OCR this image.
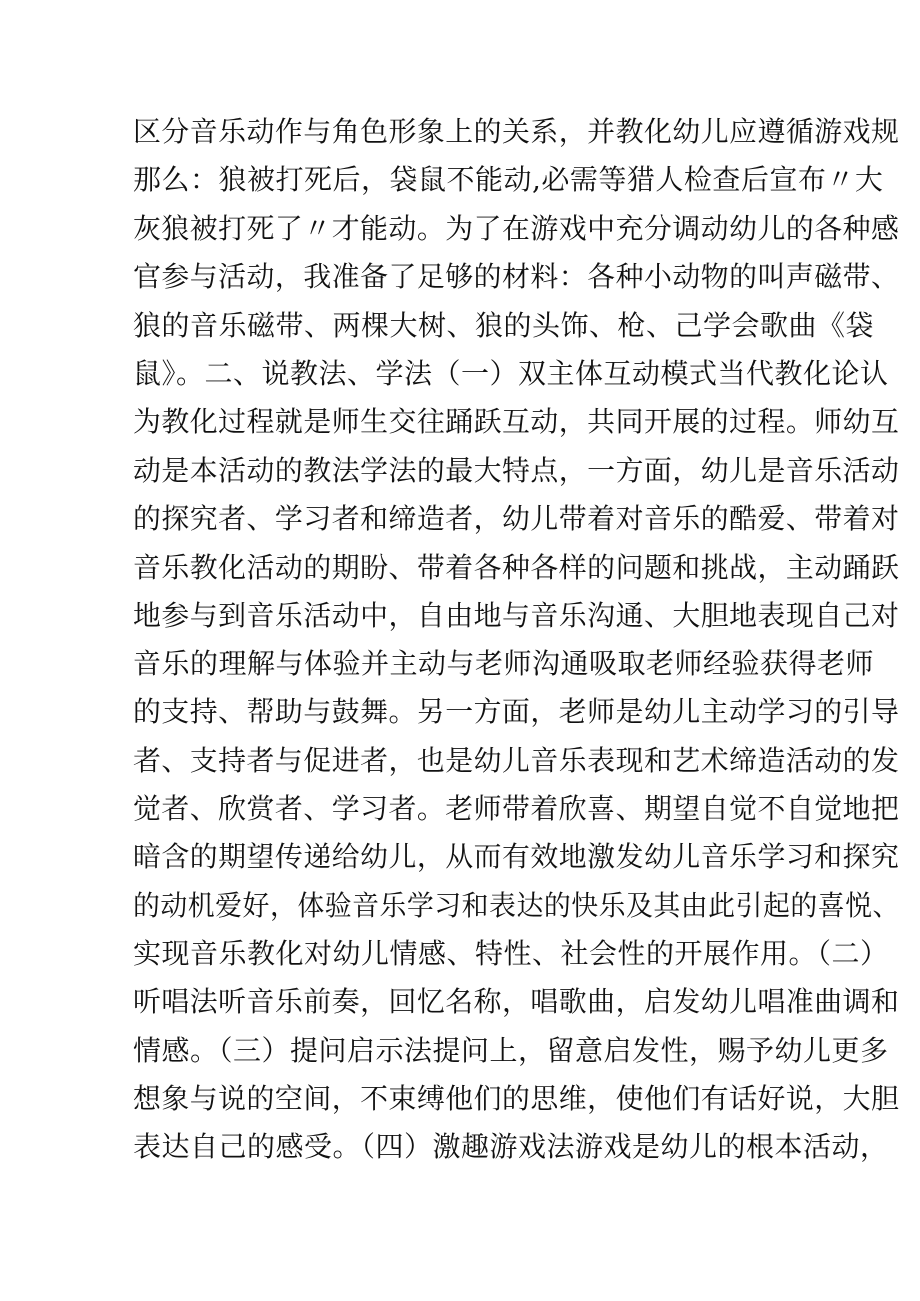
区分音乐动作与角色形象上的关系，并教化幼儿应遵循游戏规
那么：狼被打死后，袋鼠不能动,必需等猎人检查后宣布〃大
灰狼被打死了〃才能动。为了在游戏中充分调动幼儿的各种感
官参与活动，我准备了足够的材料：各种小动物的叫声磁带、
狼的音乐磁带、两棵大树、狼的头饰、枪、己学会歌曲《袋
鼠》。二、说教法、学法（一）双主体互动模式当代教化论认
为教化过程就是师生交往踊跃互动，共同开展的过程。师幼互
动是本活动的教法学法的最大特点，一方面，幼儿是音乐活动
的探究者、学习者和缔造者，幼儿带着对音乐的酷爱、带着对
音乐教化活动的期盼、带着各种各样的问题和挑战，主动踊跃
地参与到音乐活动中，自由地与音乐沟通、大胆地表现自己对
音乐的理解与体验并主动与老师沟通吸取老师经验获得老师
的支持、帮助与鼓舞。另一方面，老师是幼儿主动学习的引导
者、支持者与促进者，也是幼儿音乐表现和艺术缔造活动的发
觉者、欣赏者、学习者。老师带着欣喜、期望自觉不自觉地把
暗含的期望传递给幼儿，从而有效地激发幼儿音乐学习和探究
的动机爱好，体验音乐学习和表达的快乐及其由此引起的喜悦、
实现音乐教化对幼儿情感、特性、社会性的开展作用。（二）
听唱法听音乐前奏，回忆名称，唱歌曲，启发幼儿唱准曲调和
情感。（三）提问启示法提问上，留意启发性，赐予幼儿更多
想象与说的空间，不束缚他们的思维，使他们有话好说，大胆
表达自己的感受。（四）激趣游戏法游戏是幼儿的根本活动，
